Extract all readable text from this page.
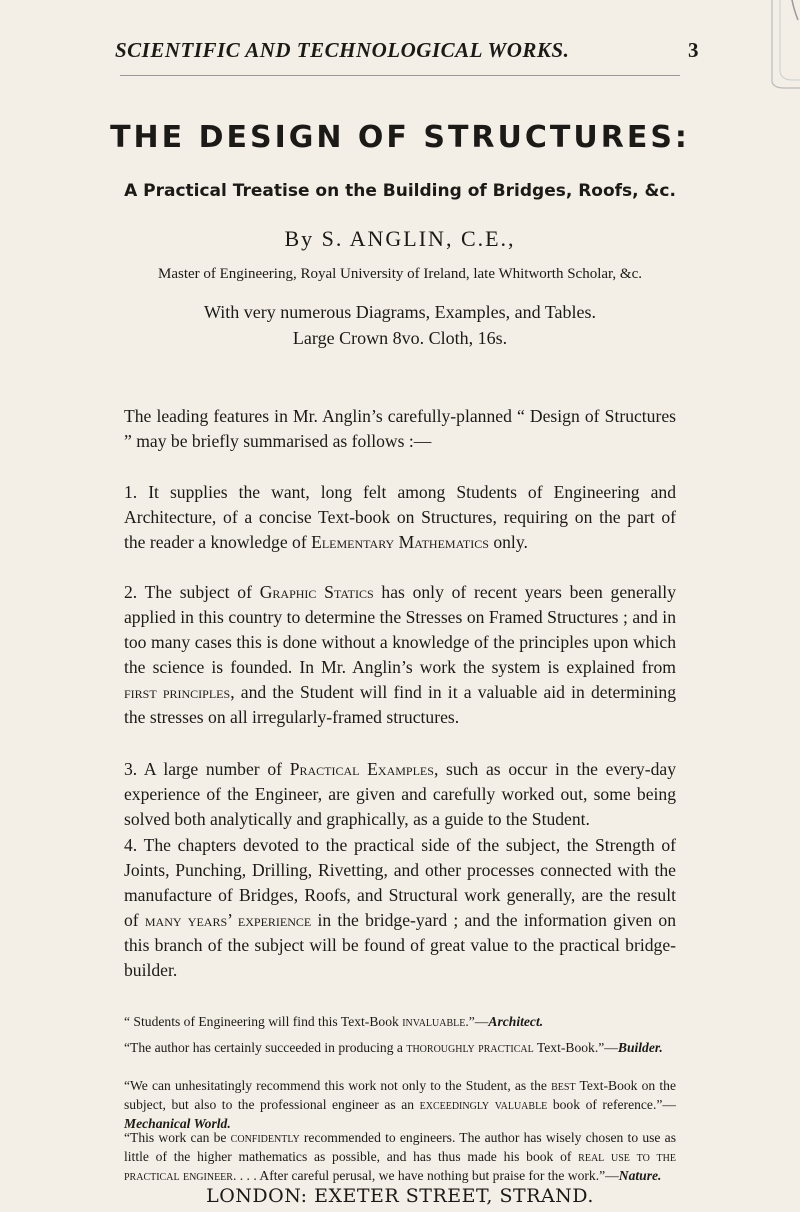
SCIENTIFIC AND TECHNOLOGICAL WORKS.	3
THE DESIGN OF STRUCTURES:
A Practical Treatise on the Building of Bridges, Roofs, &c.
By S. ANGLIN, C.E.,
Master of Engineering, Royal University of Ireland, late Whitworth Scholar, &c.
With very numerous Diagrams, Examples, and Tables.
Large Crown 8vo. Cloth, 16s.
The leading features in Mr. Anglin’s carefully-planned “ Design of Structures ” may be briefly summarised as follows :—
1. It supplies the want, long felt among Students of Engineering and Architecture, of a concise Text-book on Structures, requiring on the part of the reader a knowledge of Elementary Mathematics only.
2. The subject of Graphic Statics has only of recent years been generally applied in this country to determine the Stresses on Framed Structures ; and in too many cases this is done without a knowledge of the principles upon which the science is founded. In Mr. Anglin’s work the system is explained from first principles, and the Student will find in it a valuable aid in determining the stresses on all irregularly-framed structures.
3. A large number of Practical Examples, such as occur in the every-day experience of the Engineer, are given and carefully worked out, some being solved both analytically and graphically, as a guide to the Student.
4. The chapters devoted to the practical side of the subject, the Strength of Joints, Punching, Drilling, Rivetting, and other processes connected with the manufacture of Bridges, Roofs, and Structural work generally, are the result of many years’ experience in the bridge-yard ; and the information given on this branch of the subject will be found of great value to the practical bridge-builder.
“ Students of Engineering will find this Text-Book invaluable.”—Architect.
“The author has certainly succeeded in producing a thoroughly practical Text-Book.”—Builder.
“We can unhesitatingly recommend this work not only to the Student, as the best Text-Book on the subject, but also to the professional engineer as an exceedingly valuable book of reference.”—Mechanical World.
“This work can be confidently recommended to engineers. The author has wisely chosen to use as little of the higher mathematics as possible, and has thus made his book of real use to the practical engineer. . . . After careful perusal, we have nothing but praise for the work.”—Nature.
LONDON: EXETER STREET, STRAND.
